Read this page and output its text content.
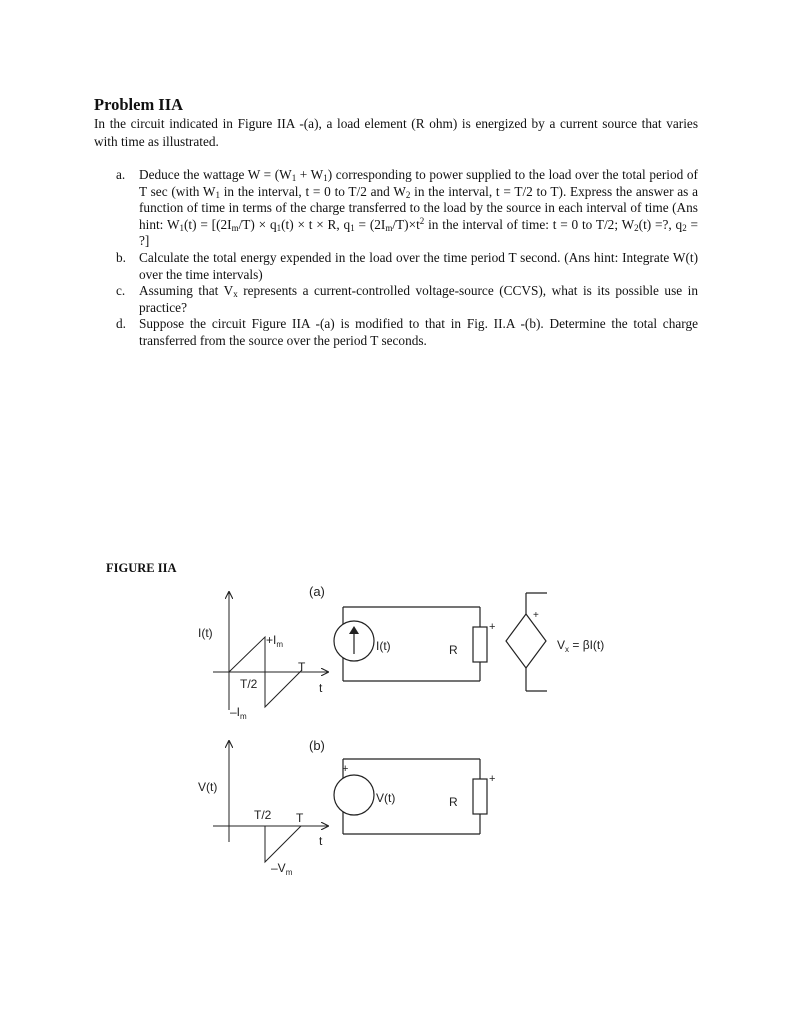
Problem IIA
In the circuit indicated in Figure IIA -(a), a load element (R ohm) is energized by a current source that varies with time as illustrated.
a. Deduce the wattage $W = (W_1 + W_1)$ corresponding to power supplied to the load over the total period of T sec (with $W_1$ in the interval, t = 0 to T/2 and $W_2$ in the interval, t = T/2 to T). Express the answer as a function of time in terms of the charge transferred to the load by the source in each interval of time (Ans hint: $W_1(t) = [(2I_m/T) \times q_1(t) \times t \times R$, $q_1 = (2I_m/T)\times t^2$ in the interval of time: t = 0 to T/2; $W_2(t)$ =?, $q_2$ = ?]
b. Calculate the total energy expended in the load over the time period T second. (Ans hint: Integrate W(t) over the time intervals)
c. Assuming that $V_x$ represents a current-controlled voltage-source (CCVS), what is its possible use in practice?
d. Suppose the circuit Figure IIA -(a) is modified to that in Fig. II.A -(b). Determine the total charge transferred from the source over the period T seconds.
FIGURE IIA
(a)
I(t)	$+I_m$
T
T/2	t
$-I_m$
I(t)	R
+
+
$V_x = \beta I(t)$
(b)
V(t)
T/2 T
t
$-V_m$
+
V(t)	R
+
